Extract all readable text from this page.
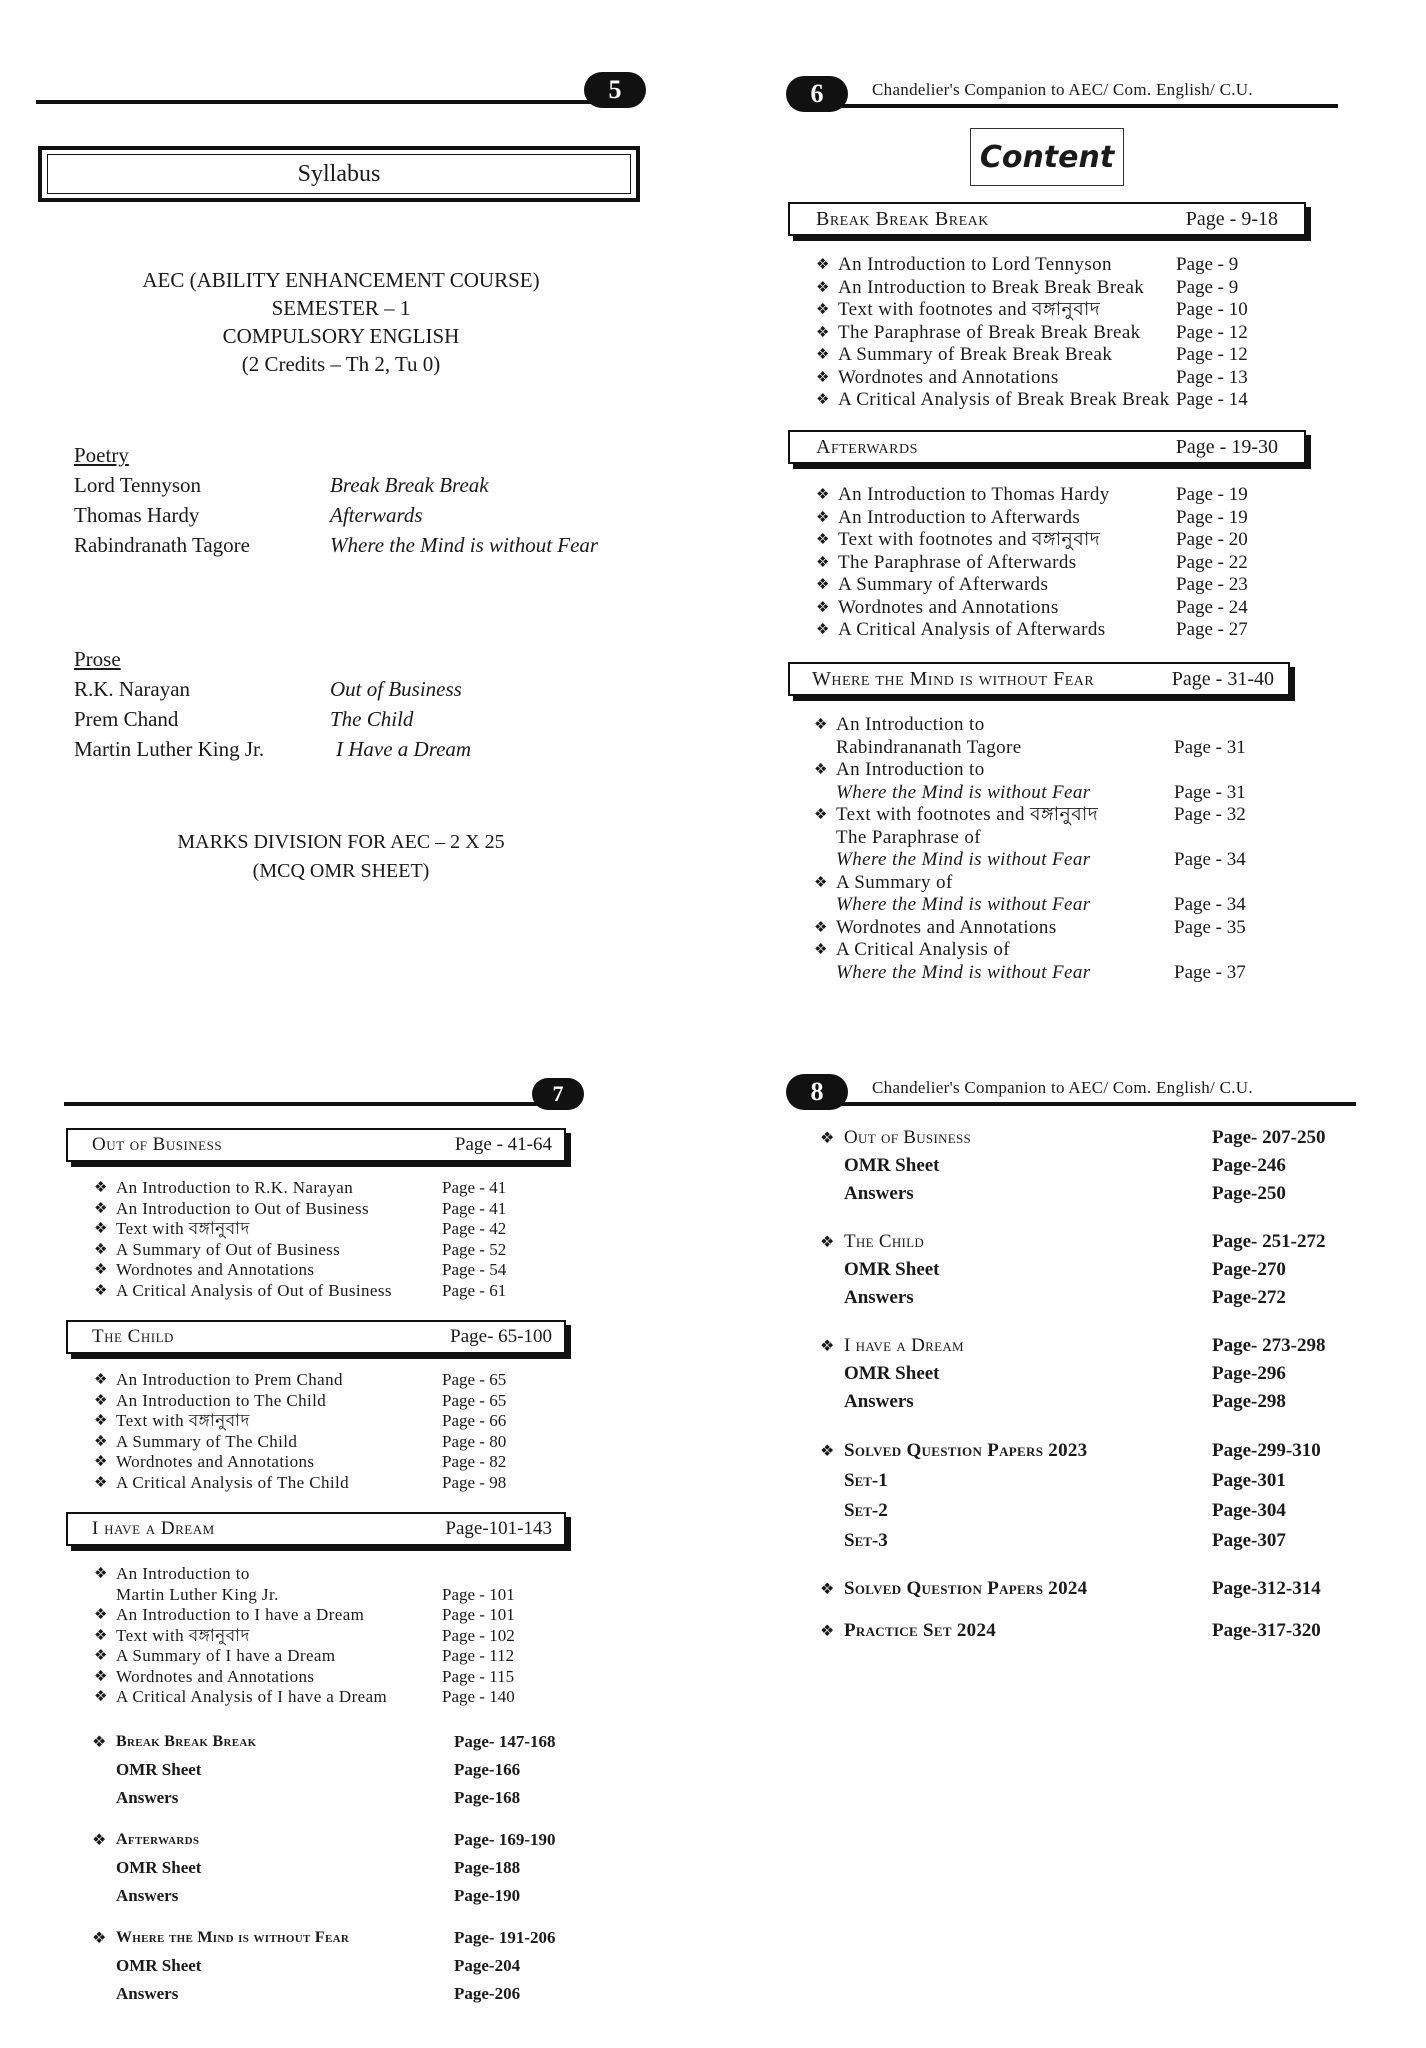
5
Syllabus
AEC (ABILITY ENHANCEMENT COURSE)
SEMESTER – 1
COMPULSORY ENGLISH
(2 Credits – Th 2, Tu 0)
Poetry
Lord Tennyson	Break Break Break
Thomas Hardy	Afterwards
Rabindranath Tagore	Where the Mind is without Fear
Prose
R.K. Narayan	Out of Business
Prem Chand	The Child
Martin Luther King Jr.	I Have a Dream
MARKS DIVISION FOR AEC – 2 X 25
(MCQ OMR SHEET)
6	Chandelier's Companion to AEC/ Com. English/ C.U.
Content
Break Break Break	Page - 9-18
❖ An Introduction to Lord Tennyson	Page - 9
❖ An Introduction to Break Break Break	Page - 9
❖ Text with footnotes and বঙ্গানুবাদ	Page - 10
❖ The Paraphrase of Break Break Break	Page - 12
❖ A Summary of Break Break Break	Page - 12
❖ Wordnotes and Annotations	Page - 13
❖ A Critical Analysis of Break Break Break Page - 14
Afterwards	Page - 19-30
❖ An Introduction to Thomas Hardy	Page - 19
❖ An Introduction to Afterwards	Page - 19
❖ Text with footnotes and বঙ্গানুবাদ	Page - 20
❖ The Paraphrase of Afterwards	Page - 22
❖ A Summary of Afterwards	Page - 23
❖ Wordnotes and Annotations	Page - 24
❖ A Critical Analysis of Afterwards	Page - 27
Where the Mind is without Fear	Page - 31-40
❖ An Introduction to
Rabindrananath Tagore	Page - 31
❖ An Introduction to
Where the Mind is without Fear	Page - 31
❖ Text with footnotes and বঙ্গানুবাদ	Page - 32
The Paraphrase of
Where the Mind is without Fear	Page - 34
❖ A Summary of
Where the Mind is without Fear	Page - 34
❖ Wordnotes and Annotations	Page - 35
❖ A Critical Analysis of
Where the Mind is without Fear	Page - 37
7
Out of Business	Page - 41-64
❖ An Introduction to R.K. Narayan	Page - 41
❖ An Introduction to Out of Business	Page - 41
❖ Text with বঙ্গানুবাদ	Page - 42
❖ A Summary of Out of Business	Page - 52
❖ Wordnotes and Annotations	Page - 54
❖ A Critical Analysis of Out of Business	Page - 61
The Child	Page- 65-100
❖ An Introduction to Prem Chand	Page - 65
❖ An Introduction to The Child	Page - 65
❖ Text with বঙ্গানুবাদ	Page - 66
❖ A Summary of The Child	Page - 80
❖ Wordnotes and Annotations	Page - 82
❖ A Critical Analysis of The Child	Page - 98
I have a Dream	Page-101-143
❖ An Introduction to
Martin Luther King Jr.	Page - 101
❖ An Introduction to I have a Dream	Page - 101
❖ Text with বঙ্গানুবাদ	Page - 102
❖ A Summary of I have a Dream	Page - 112
❖ Wordnotes and Annotations	Page - 115
❖ A Critical Analysis of I have a Dream	Page - 140
❖ Break Break Break	Page- 147-168
OMR Sheet	Page-166
Answers	Page-168
❖ Afterwards	Page- 169-190
OMR Sheet	Page-188
Answers	Page-190
❖ Where the Mind is without Fear	Page- 191-206
OMR Sheet	Page-204
Answers	Page-206
8	Chandelier's Companion to AEC/ Com. English/ C.U.
❖ Out of Business	Page- 207-250
OMR Sheet	Page-246
Answers	Page-250
❖ The Child	Page- 251-272
OMR Sheet	Page-270
Answers	Page-272
❖ I have a Dream	Page- 273-298
OMR Sheet	Page-296
Answers	Page-298
❖ Solved Question Papers 2023	Page-299-310
Set-1	Page-301
Set-2	Page-304
Set-3	Page-307
❖ Solved Question Papers 2024	Page-312-314
❖ Practice Set 2024	Page-317-320
